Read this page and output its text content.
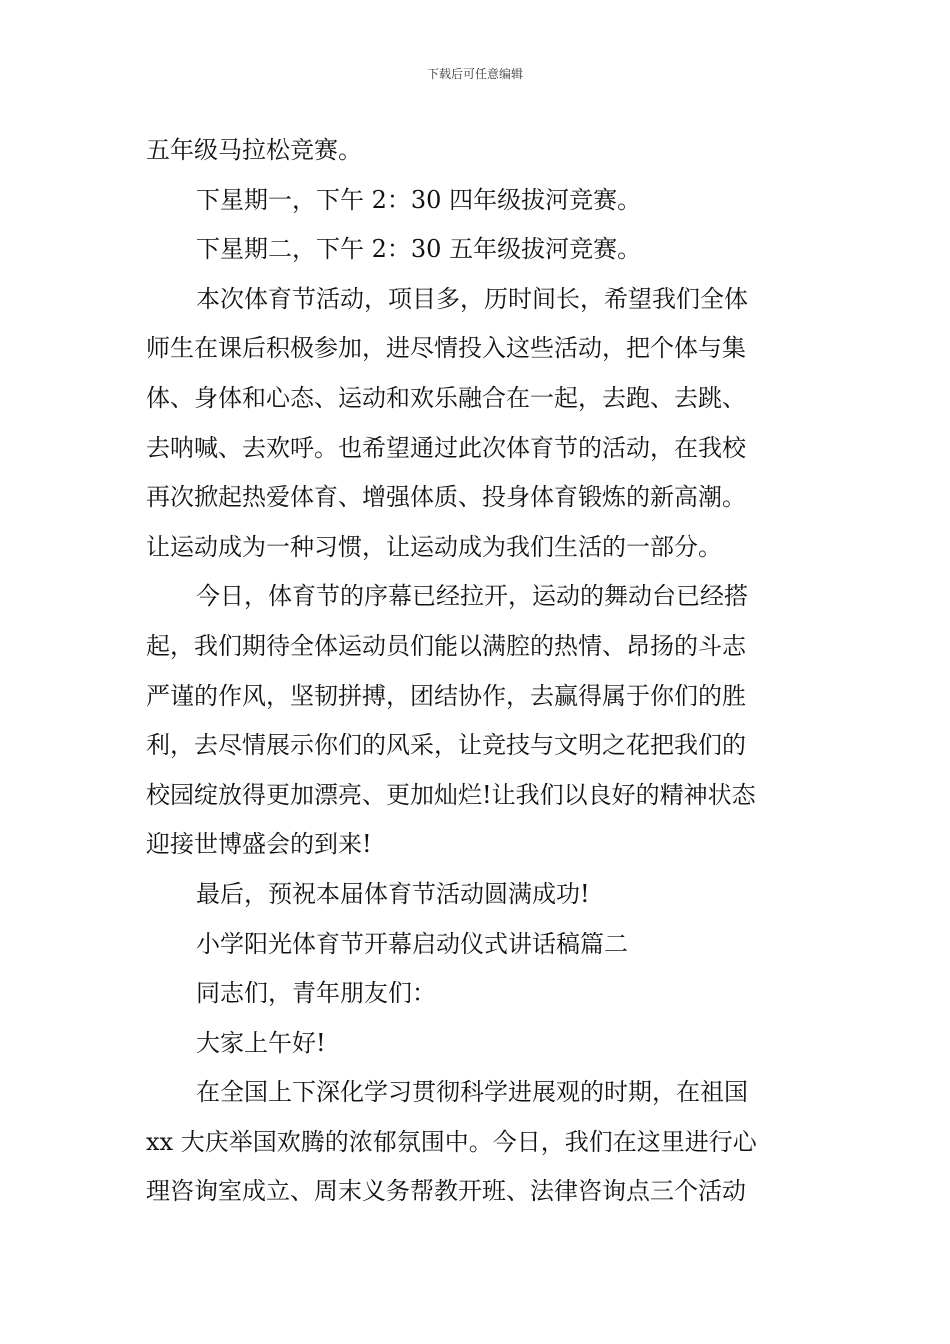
下载后可任意编辑
五年级马拉松竞赛。
下星期一，下午 2：30 四年级拔河竞赛。
下星期二，下午 2：30 五年级拔河竞赛。
本次体育节活动，项目多，历时间长，希望我们全体
师生在课后积极参加，进尽情投入这些活动，把个体与集
体、身体和心态、运动和欢乐融合在一起，去跑、去跳、
去呐喊、去欢呼。也希望通过此次体育节的活动，在我校
再次掀起热爱体育、增强体质、投身体育锻炼的新高潮。
让运动成为一种习惯，让运动成为我们生活的一部分。
今日，体育节的序幕已经拉开，运动的舞动台已经搭
起，我们期待全体运动员们能以满腔的热情、昂扬的斗志
严谨的作风，坚韧拼搏，团结协作，去赢得属于你们的胜
利，去尽情展示你们的风采，让竞技与文明之花把我们的
校园绽放得更加漂亮、更加灿烂!让我们以良好的精神状态
迎接世博盛会的到来!
最后，预祝本届体育节活动圆满成功!
小学阳光体育节开幕启动仪式讲话稿篇二
同志们，青年朋友们：
大家上午好!
在全国上下深化学习贯彻科学进展观的时期，在祖国
xx 大庆举国欢腾的浓郁氛围中。今日，我们在这里进行心
理咨询室成立、周末义务帮教开班、法律咨询点三个活动
